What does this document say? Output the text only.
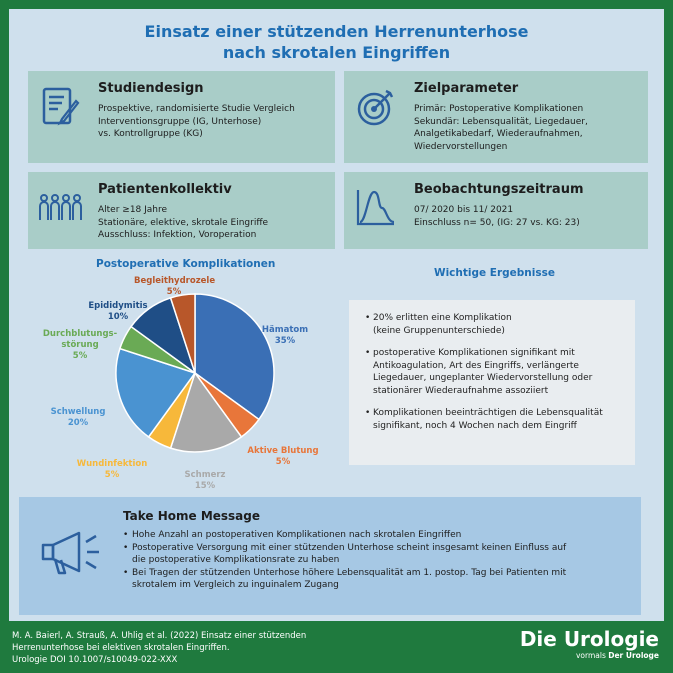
Einsatz einer stützenden Herrenunterhose
nach skrotalen Eingriffen
Studiendesign

Prospektive, randomisierte Studie Vergleich
Interventionsgruppe (IG, Unterhose)
vs. Kontrollgruppe (KG)

Zielparameter

Primär: Postoperative Komplikationen
Sekundär: Lebensqualität, Liegedauer,
Analgetikabedarf, Wiederaufnahmen,
Wiedervorstellungen

Patientenkollektiv

Alter ≥18 Jahre
Stationäre, elektive, skrotale Eingriffe
Ausschluss: Infektion, Voroperation

Beobachtungszeitraum

07/ 2020 bis 11/ 2021
Einschluss n= 50, (IG: 27 vs. KG: 23)

Postoperative Komplikationen
Begleithydrozele
5%
Epididymitis
10%
Durchblutungs-
störung
5%
Schwellung
20%
Wundinfektion
5%	Schmerz
15%
Aktive Blutung
5%
Hämatom
35%
Wichtige Ergebnisse
• 20% erlitten eine Komplikation
(keine Gruppenunterschiede)
• postoperative Komplikationen signifikant mit
Antikoagulation, Art des Eingriffs, verlängerte
Liegedauer, ungeplanter Wiedervorstellung oder
stationärer Wiederaufnahme assoziiert
• Komplikationen beeinträchtigen die Lebensqualität
signifikant, noch 4 Wochen nach dem Eingriff
Take Home Message
• Hohe Anzahl an postoperativen Komplikationen nach skrotalen Eingriffen
• Postoperative Versorgung mit einer stützenden Unterhose scheint insgesamt keinen Einfluss auf
die postoperative Komplikationsrate zu haben
• Bei Tragen der stützenden Unterhose höhere Lebensqualität am 1. postop. Tag bei Patienten mit
skrotalem im Vergleich zu inguinalem Zugang
M. A. Baierl, A. Strauß, A. Uhlig et al. (2022) Einsatz einer stützenden
Herrenunterhose bei elektiven skrotalen Eingriffen.
Urologie DOI 10.1007/s10049-022-XXX
Die Urologie
vormals Der Urologe
